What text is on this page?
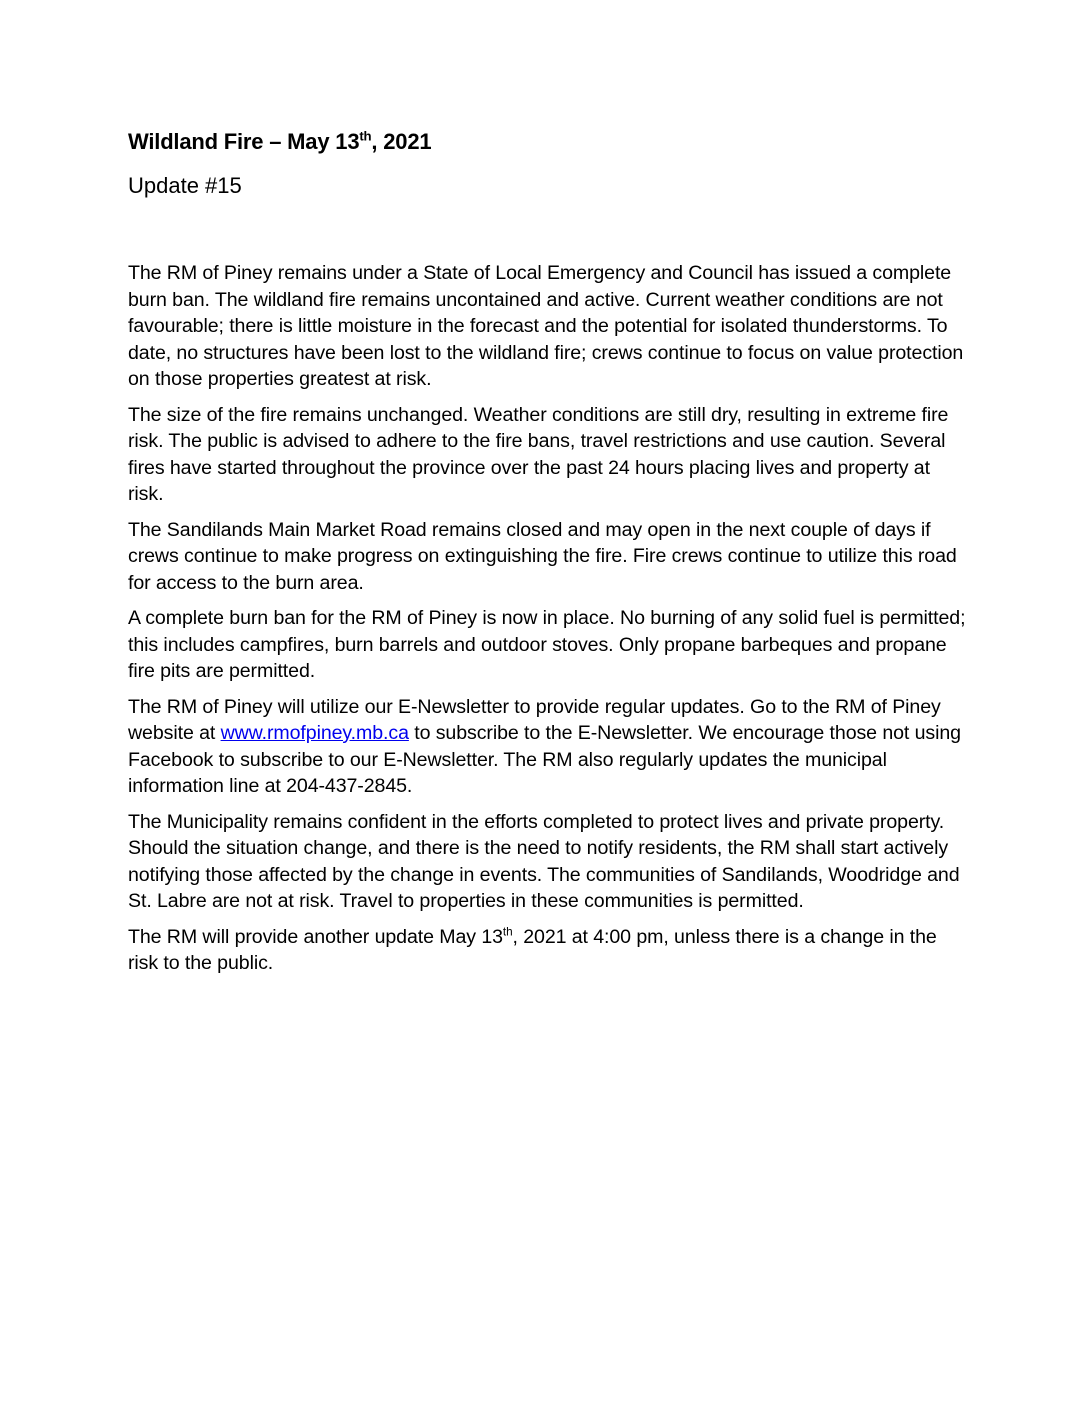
Wildland Fire – May 13th, 2021
Update #15

The RM of Piney remains under a State of Local Emergency and Council has issued a complete burn ban. The wildland fire remains uncontained and active. Current weather conditions are not favourable; there is little moisture in the forecast and the potential for isolated thunderstorms. To date, no structures have been lost to the wildland fire; crews continue to focus on value protection on those properties greatest at risk.

The size of the fire remains unchanged. Weather conditions are still dry, resulting in extreme fire risk. The public is advised to adhere to the fire bans, travel restrictions and use caution. Several fires have started throughout the province over the past 24 hours placing lives and property at risk.

The Sandilands Main Market Road remains closed and may open in the next couple of days if crews continue to make progress on extinguishing the fire. Fire crews continue to utilize this road for access to the burn area.

A complete burn ban for the RM of Piney is now in place. No burning of any solid fuel is permitted; this includes campfires, burn barrels and outdoor stoves. Only propane barbeques and propane fire pits are permitted.

The RM of Piney will utilize our E-Newsletter to provide regular updates. Go to the RM of Piney website at www.rmofpiney.mb.ca to subscribe to the E-Newsletter. We encourage those not using Facebook to subscribe to our E-Newsletter. The RM also regularly updates the municipal information line at 204-437-2845.

The Municipality remains confident in the efforts completed to protect lives and private property. Should the situation change, and there is the need to notify residents, the RM shall start actively notifying those affected by the change in events. The communities of Sandilands, Woodridge and St. Labre are not at risk. Travel to properties in these communities is permitted.

The RM will provide another update May 13th, 2021 at 4:00 pm, unless there is a change in the risk to the public.
